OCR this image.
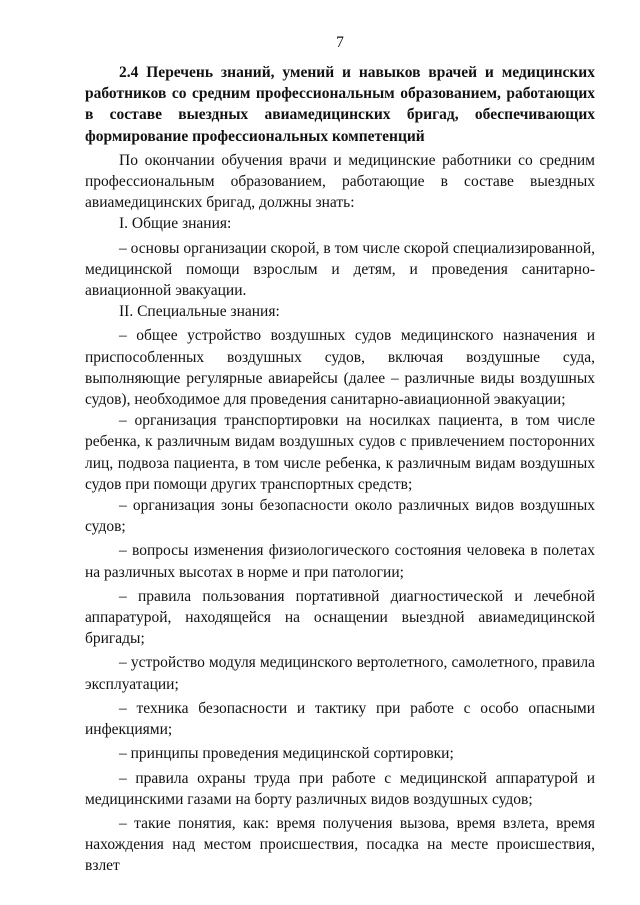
7

2.4 Перечень знаний, умений и навыков врачей и медицинских работников со средним профессиональным образованием, работающих в составе выездных авиамедицинских бригад, обеспечивающих формирование профессиональных компетенций

По окончании обучения врачи и медицинские работники со средним профессиональным образованием, работающие в составе выездных авиамедицинских бригад, должны знать:

I. Общие знания:

– основы организации скорой, в том числе скорой специализированной, медицинской помощи взрослым и детям, и проведения санитарно-авиационной эвакуации.

II. Специальные знания:

– общее устройство воздушных судов медицинского назначения и приспособленных воздушных судов, включая воздушные суда, выполняющие регулярные авиарейсы (далее – различные виды воздушных судов), необходимое для проведения санитарно-авиационной эвакуации;

– организация транспортировки на носилках пациента, в том числе ребенка, к различным видам воздушных судов с привлечением посторонних лиц, подвоза пациента, в том числе ребенка, к различным видам воздушных судов при помощи других транспортных средств;

– организация зоны безопасности около различных видов воздушных судов;

– вопросы изменения физиологического состояния человека в полетах на различных высотах в норме и при патологии;

– правила пользования портативной диагностической и лечебной аппаратурой, находящейся на оснащении выездной авиамедицинской бригады;

– устройство модуля медицинского вертолетного, самолетного, правила эксплуатации;

– техника безопасности и тактику при работе с особо опасными инфекциями;

– принципы проведения медицинской сортировки;

– правила охраны труда при работе с медицинской аппаратурой и медицинскими газами на борту различных видов воздушных судов;

– такие понятия, как: время получения вызова, время взлета, время нахождения над местом происшествия, посадка на месте происшествия, взлет
